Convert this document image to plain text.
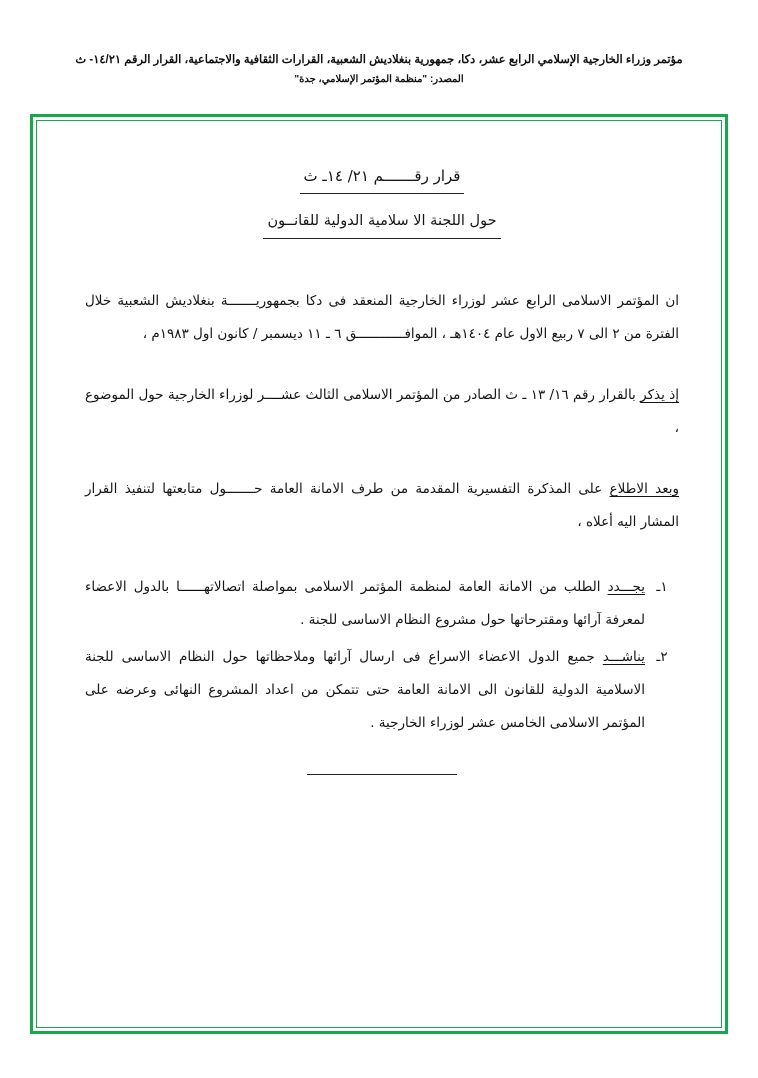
مؤتمر وزراء الخارجية الإسلامي الرابع عشر، دكا، جمهورية بنغلاديش الشعبية، القرارات الثقافية والاجتماعية، القرار الرقم ١٤/٢١- ث
المصدر: "منظمة المؤتمر الإسلامي، جدة"
قرار رقـــــــم ٢١/ ١٤ـ ث
حول اللجنة الا سلامية الدولية للقانــون

ان المؤتمر الاسلامى الرابع عشر لوزراء الخارجية المنعقد فى دكا بجمهوريـــــــة بنغلاديش الشعبية خلال الفترة من ٢ الى ٧ ربيع الاول عام ١٤٠٤هـ ، الموافــــــــــــق ٦ ـ ١١ ديسمبر / كانون اول ١٩٨٣م ،

إذ يذكر بالقرار رقم ١٦/ ١٣ ـ ث الصادر من المؤتمر الاسلامى الثالث عشــــر لوزراء الخارجية حول الموضوع ،

وبعد الاطلاع على المذكرة التفسيرية المقدمة من طرف الامانة العامة حـــــــول متابعتها لتنفيذ القرار المشار اليه أعلاه ،

١ـ
يجـــدد الطلب من الامانة العامة لمنظمة المؤتمر الاسلامى بمواصلة اتصالاتهــــــا بالدول الاعضاء لمعرفة آرائها ومقترحاتها حول مشروع النظام الاساسى للجنة .
٢ـ
يناشـــد جميع الدول الاعضاء الاسراع فى ارسال آرائها وملاحظاتها حول النظام الاساسى للجنة الاسلامية الدولية للقانون الى الامانة العامة حتى تتمكن من اعداد المشروع النهائى وعرضه على المؤتمر الاسلامى الخامس عشر لوزراء الخارجية .
